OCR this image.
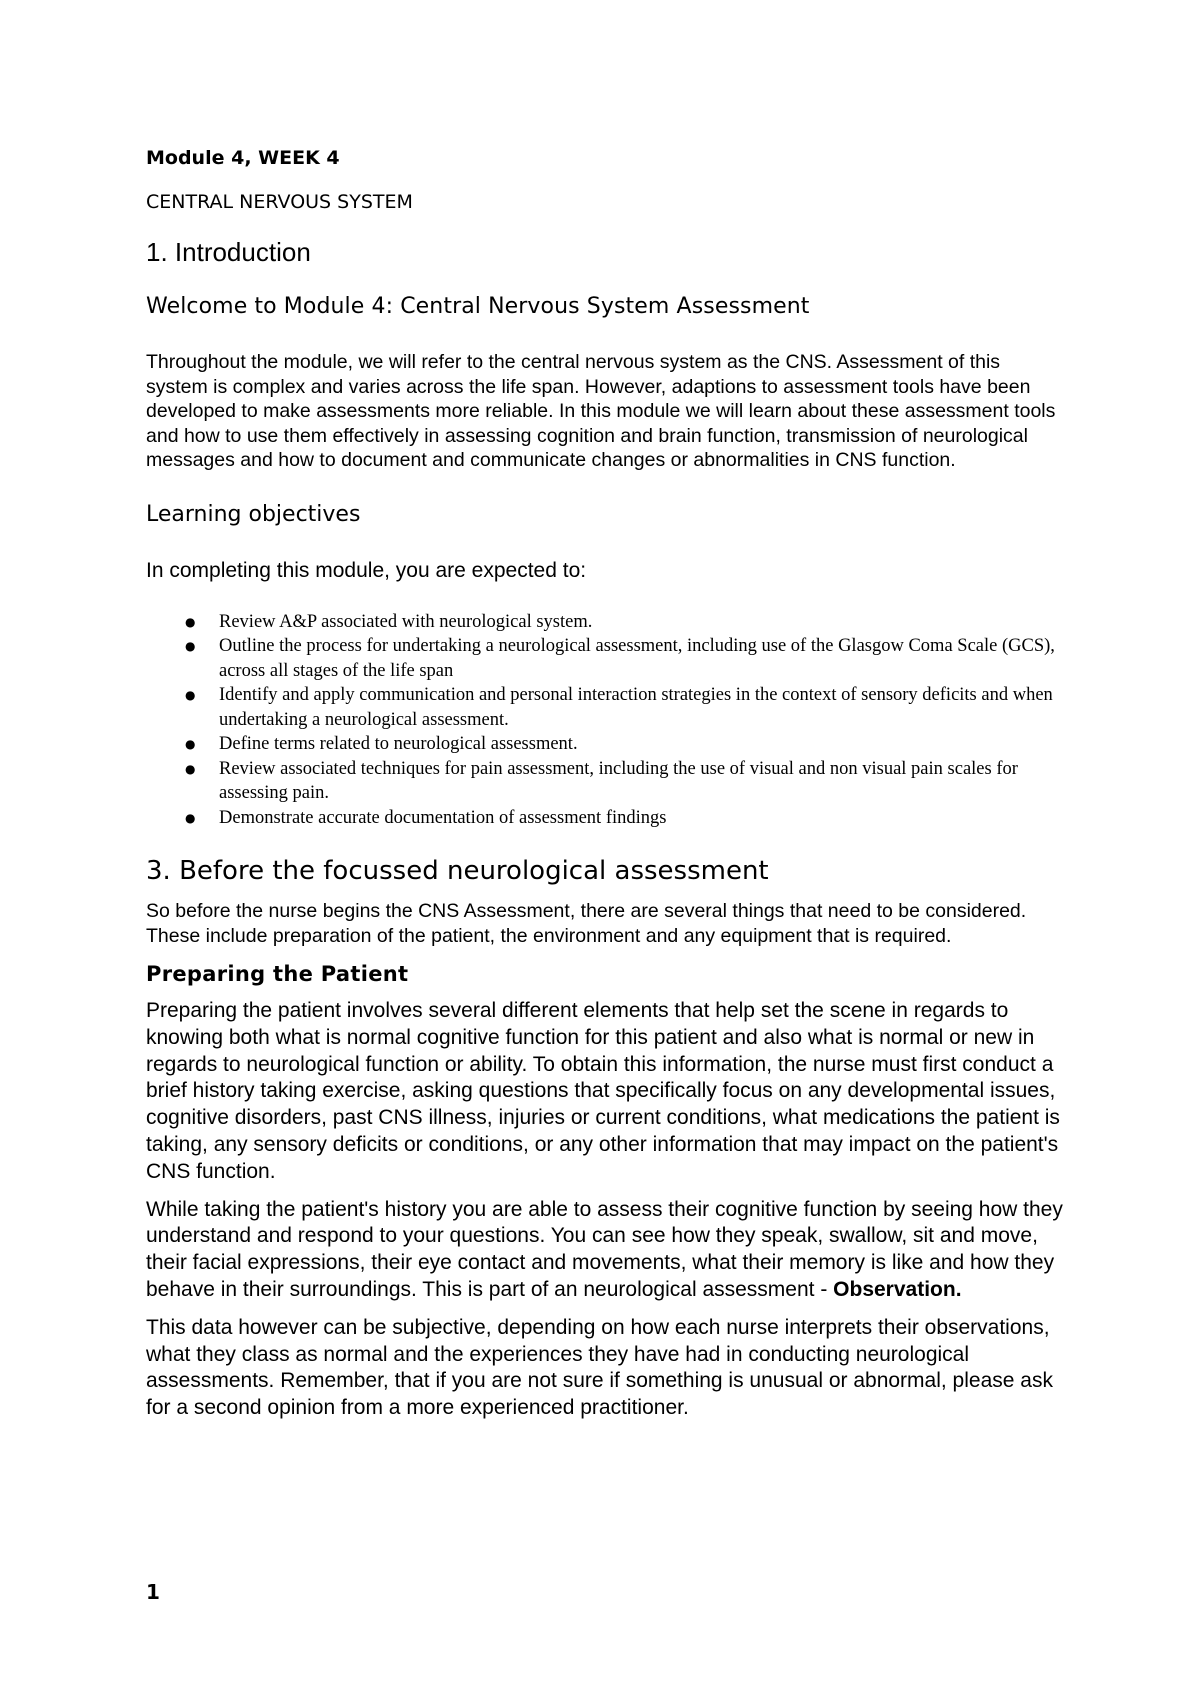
Module 4, WEEK 4

CENTRAL NERVOUS SYSTEM

1. Introduction
Welcome to Module 4: Central Nervous System Assessment

Throughout the module, we will refer to the central nervous system as the CNS. Assessment of this system is complex and varies across the life span. However, adaptions to assessment tools have been developed to make assessments more reliable. In this module we will learn about these assessment tools and how to use them effectively in assessing cognition and brain function, transmission of neurological messages and how to document and communicate changes or abnormalities in CNS function.

Learning objectives

In completing this module, you are expected to:

● Review A&P associated with neurological system.
● Outline the process for undertaking a neurological assessment, including use of the Glasgow Coma Scale (GCS), across all stages of the life span
● Identify and apply communication and personal interaction strategies in the context of sensory deficits and when undertaking a neurological assessment.
● Define terms related to neurological assessment.
● Review associated techniques for pain assessment, including the use of visual and non visual pain scales for assessing pain.
● Demonstrate accurate documentation of assessment findings
3. Before the focussed neurological assessment

So before the nurse begins the CNS Assessment, there are several things that need to be considered. These include preparation of the patient, the environment and any equipment that is required.

Preparing the Patient

Preparing the patient involves several different elements that help set the scene in regards to knowing both what is normal cognitive function for this patient and also what is normal or new in regards to neurological function or ability. To obtain this information, the nurse must first conduct a brief history taking exercise, asking questions that specifically focus on any developmental issues, cognitive disorders, past CNS illness, injuries or current conditions, what medications the patient is taking, any sensory deficits or conditions, or any other information that may impact on the patient's CNS function.

While taking the patient's history you are able to assess their cognitive function by seeing how they understand and respond to your questions. You can see how they speak, swallow, sit and move, their facial expressions, their eye contact and movements, what their memory is like and how they behave in their surroundings. This is part of an neurological assessment - Observation.

This data however can be subjective, depending on how each nurse interprets their observations, what they class as normal and the experiences they have had in conducting neurological assessments. Remember, that if you are not sure if something is unusual or abnormal, please ask for a second opinion from a more experienced practitioner.

1
